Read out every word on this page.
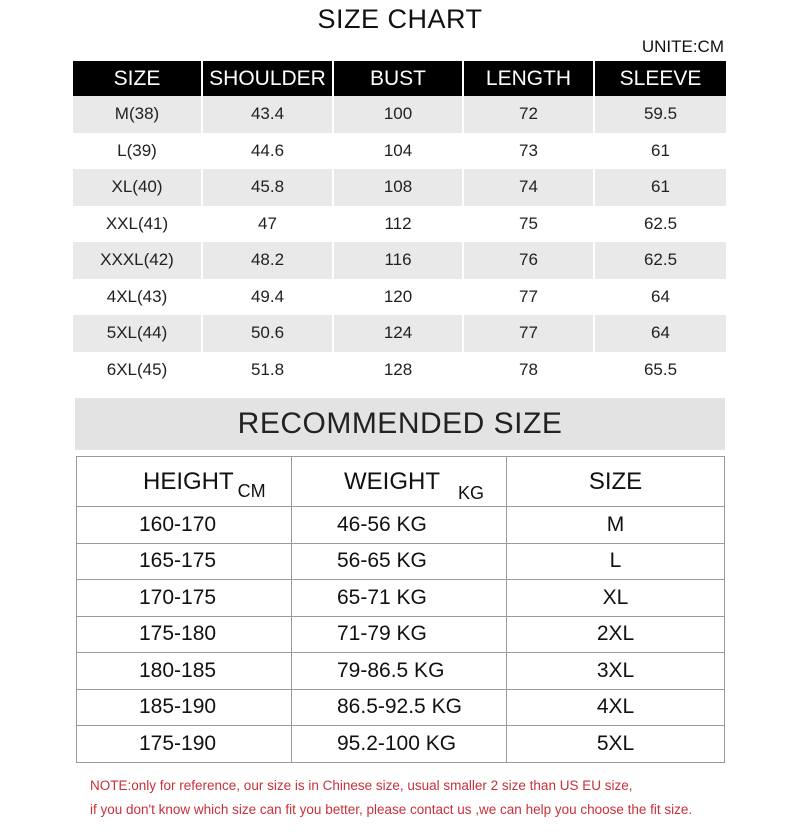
SIZE CHART
UNITE:CM
SIZE	SHOULDER	BUST	LENGTH	SLEEVE
M(38)	43.4	100	72	59.5
L(39)	44.6	104	73	61
XL(40)	45.8	108	74	61
XXL(41)	47	112	75	62.5
XXXL(42)	48.2	116	76	62.5
4XL(43)	49.4	120	77	64
5XL(44)	50.6	124	77	64
6XL(45)	51.8	128	78	65.5
RECOMMENDED SIZE
HEIGHT $_{CM}$	WEIGHT $_{KG}$	SIZE
160-170	46-56 KG	M
165-175	56-65 KG	L
170-175	65-71 KG	XL
175-180	71-79 KG	2XL
180-185	79-86.5 KG	3XL
185-190	86.5-92.5 KG	4XL
175-190	95.2-100 KG	5XL
NOTE:only for reference, our size is in Chinese size, usual smaller 2 size than US EU size,
if you don't know which size can fit you better, please contact us ,we can help you choose the fit size.
